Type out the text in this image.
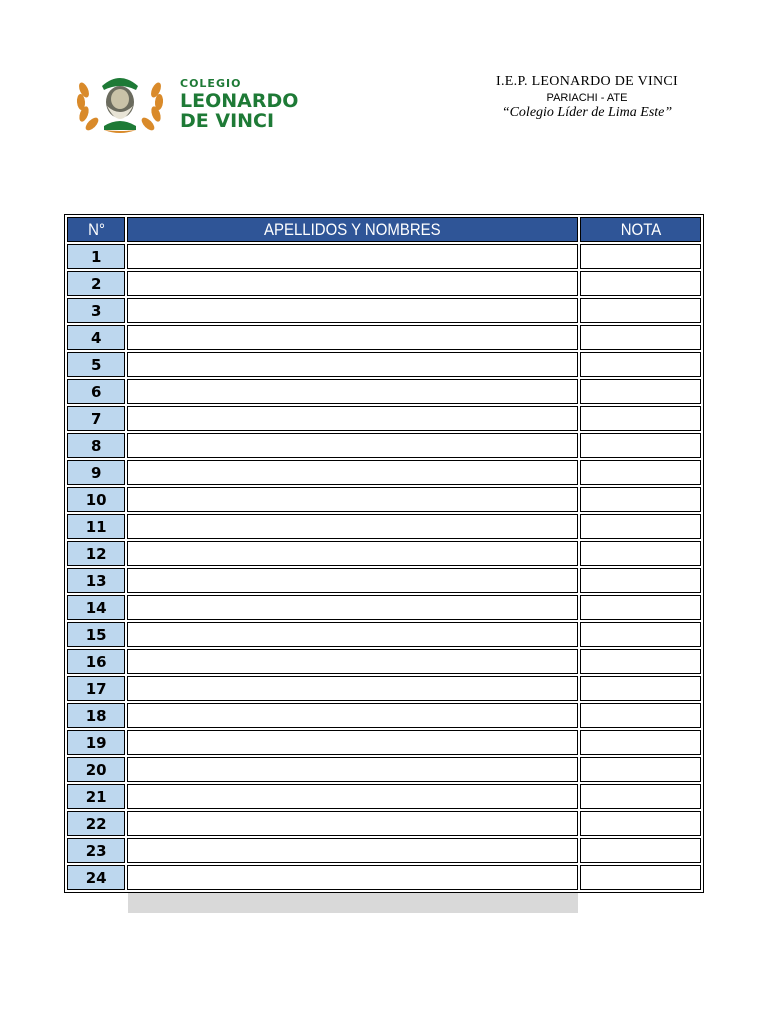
COLEGIO
LEONARDO
DE VINCI
I.E.P. LEONARDO DE VINCI
PARIACHI - ATE
“Colegio Líder de Lima Este”
N°	APELLIDOS Y NOMBRES	NOTA
1		
2		
3		
4		
5		
6		
7		
8		
9		
10		
11		
12		
13		
14		
15		
16		
17		
18		
19		
20		
21		
22		
23		
24		
